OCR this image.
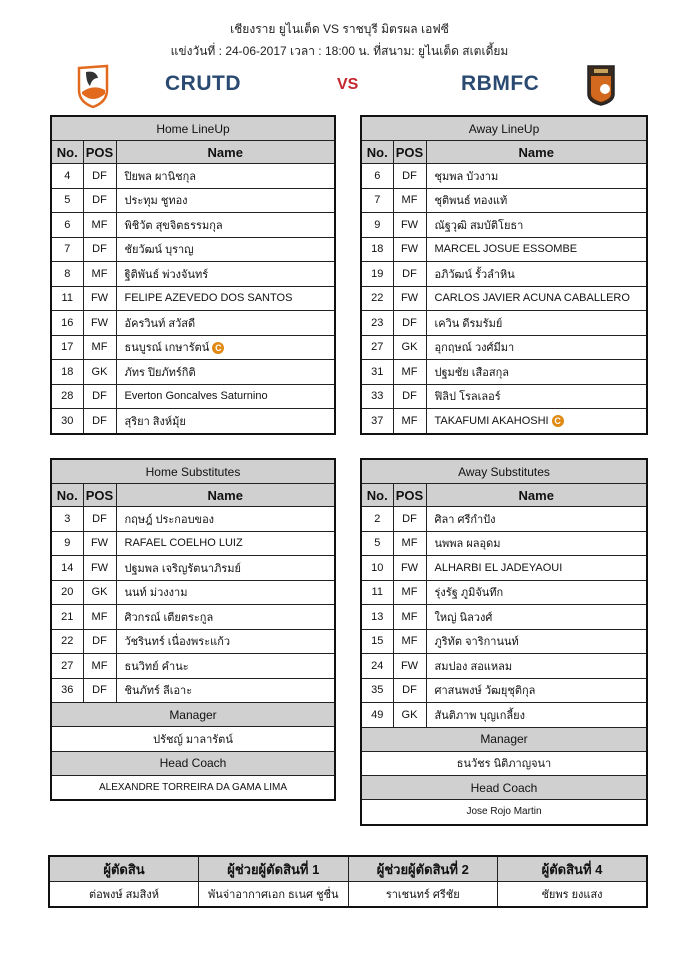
เชียงราย ยูไนเต็ด VS ราชบุรี มิตรผล เอฟซี
แข่งวันที่ : 24-06-2017 เวลา : 18:00 น. ที่สนาม: ยูไนเต็ด สเตเดี้ยม
CRUTD	VS	RBMFC
Home LineUp		
No.	POS	Name
4	DF	ปิยพล ผานิชกุล
5	DF	ประทุม ชูทอง
6	MF	พิชิวัต สุขจิตธรรมกุล
7	DF	ชัยวัฒน์ บุราญ
8	MF	ฐิติพันธ์ พ่วงจันทร์
11	FW	FELIPE AZEVEDO DOS SANTOS
16	FW	อัครวินท์ สวัสดี
17	MF	ธนบูรณ์ เกษารัตน์ C
18	GK	ภัทร ปิยภัทร์กิติ
28	DF	Everton Goncalves Saturnino
30	DF	สุริยา สิงห์มุ้ย
Away LineUp		
No.	POS	Name
6	DF	ชุมพล บัวงาม
7	MF	ชุติพนธ์ ทองแท้
9	FW	ณัฐวุฒิ สมบัติโยธา
18	FW	MARCEL JOSUE ESSOMBE
19	DF	อภิวัฒน์ รั้วลำหิน
22	FW	CARLOS JAVIER ACUNA CABALLERO
23	DF	เควิน ดีรมรัมย์
27	GK	อุกฤษณ์ วงศ์มีมา
31	MF	ปฐมชัย เสือสกุล
33	DF	ฟิลิป โรลเลอร์
37	MF	TAKAFUMI AKAHOSHI C
Home Substitutes		
No.	POS	Name
3	DF	กฤษฎ์ ประกอบของ
9	FW	RAFAEL COELHO LUIZ
14	FW	ปฐมพล เจริญรัตนาภิรมย์
20	GK	นนท์ ม่วงงาม
21	MF	ศิวกรณ์ เตียตระกูล
22	DF	วัชรินทร์ เนื่องพระแก้ว
27	MF	ธนวิทย์ คำนะ
36	DF	ชินภัทร์ ลีเอาะ
Manager		
ปรัชญ์ มาลารัตน์		
Head Coach		
ALEXANDRE TORREIRA DA GAMA LIMA		
Away Substitutes		
No.	POS	Name
2	DF	ศิลา ศรีกำปัง
5	MF	นพพล ผลอุดม
10	FW	ALHARBI EL JADEYAOUI
11	MF	รุ่งรัฐ ภูมิจันทึก
13	MF	ใหญ่ นิลวงศ์
15	MF	ภูริทัต จาริกานนท์
24	FW	สมปอง สอแหลม
35	DF	ศาสนพงษ์ วัฒยุชุติกุล
49	GK	สันติภาพ บุญเกลี้ยง
Manager		
ธนวัชร นิติภาญจนา		
Head Coach		
Jose Rojo Martin		
ผู้ตัดสิน	ผู้ช่วยผู้ตัดสินที่ 1	ผู้ช่วยผู้ตัดสินที่ 2	ผู้ตัดสินที่ 4
ต่อพงษ์ สมสิงห์	พันจ่าอากาศเอก ธเนศ ชูชื่น	ราเชนทร์ ศรีชัย	ชัยพร ยงแสง
